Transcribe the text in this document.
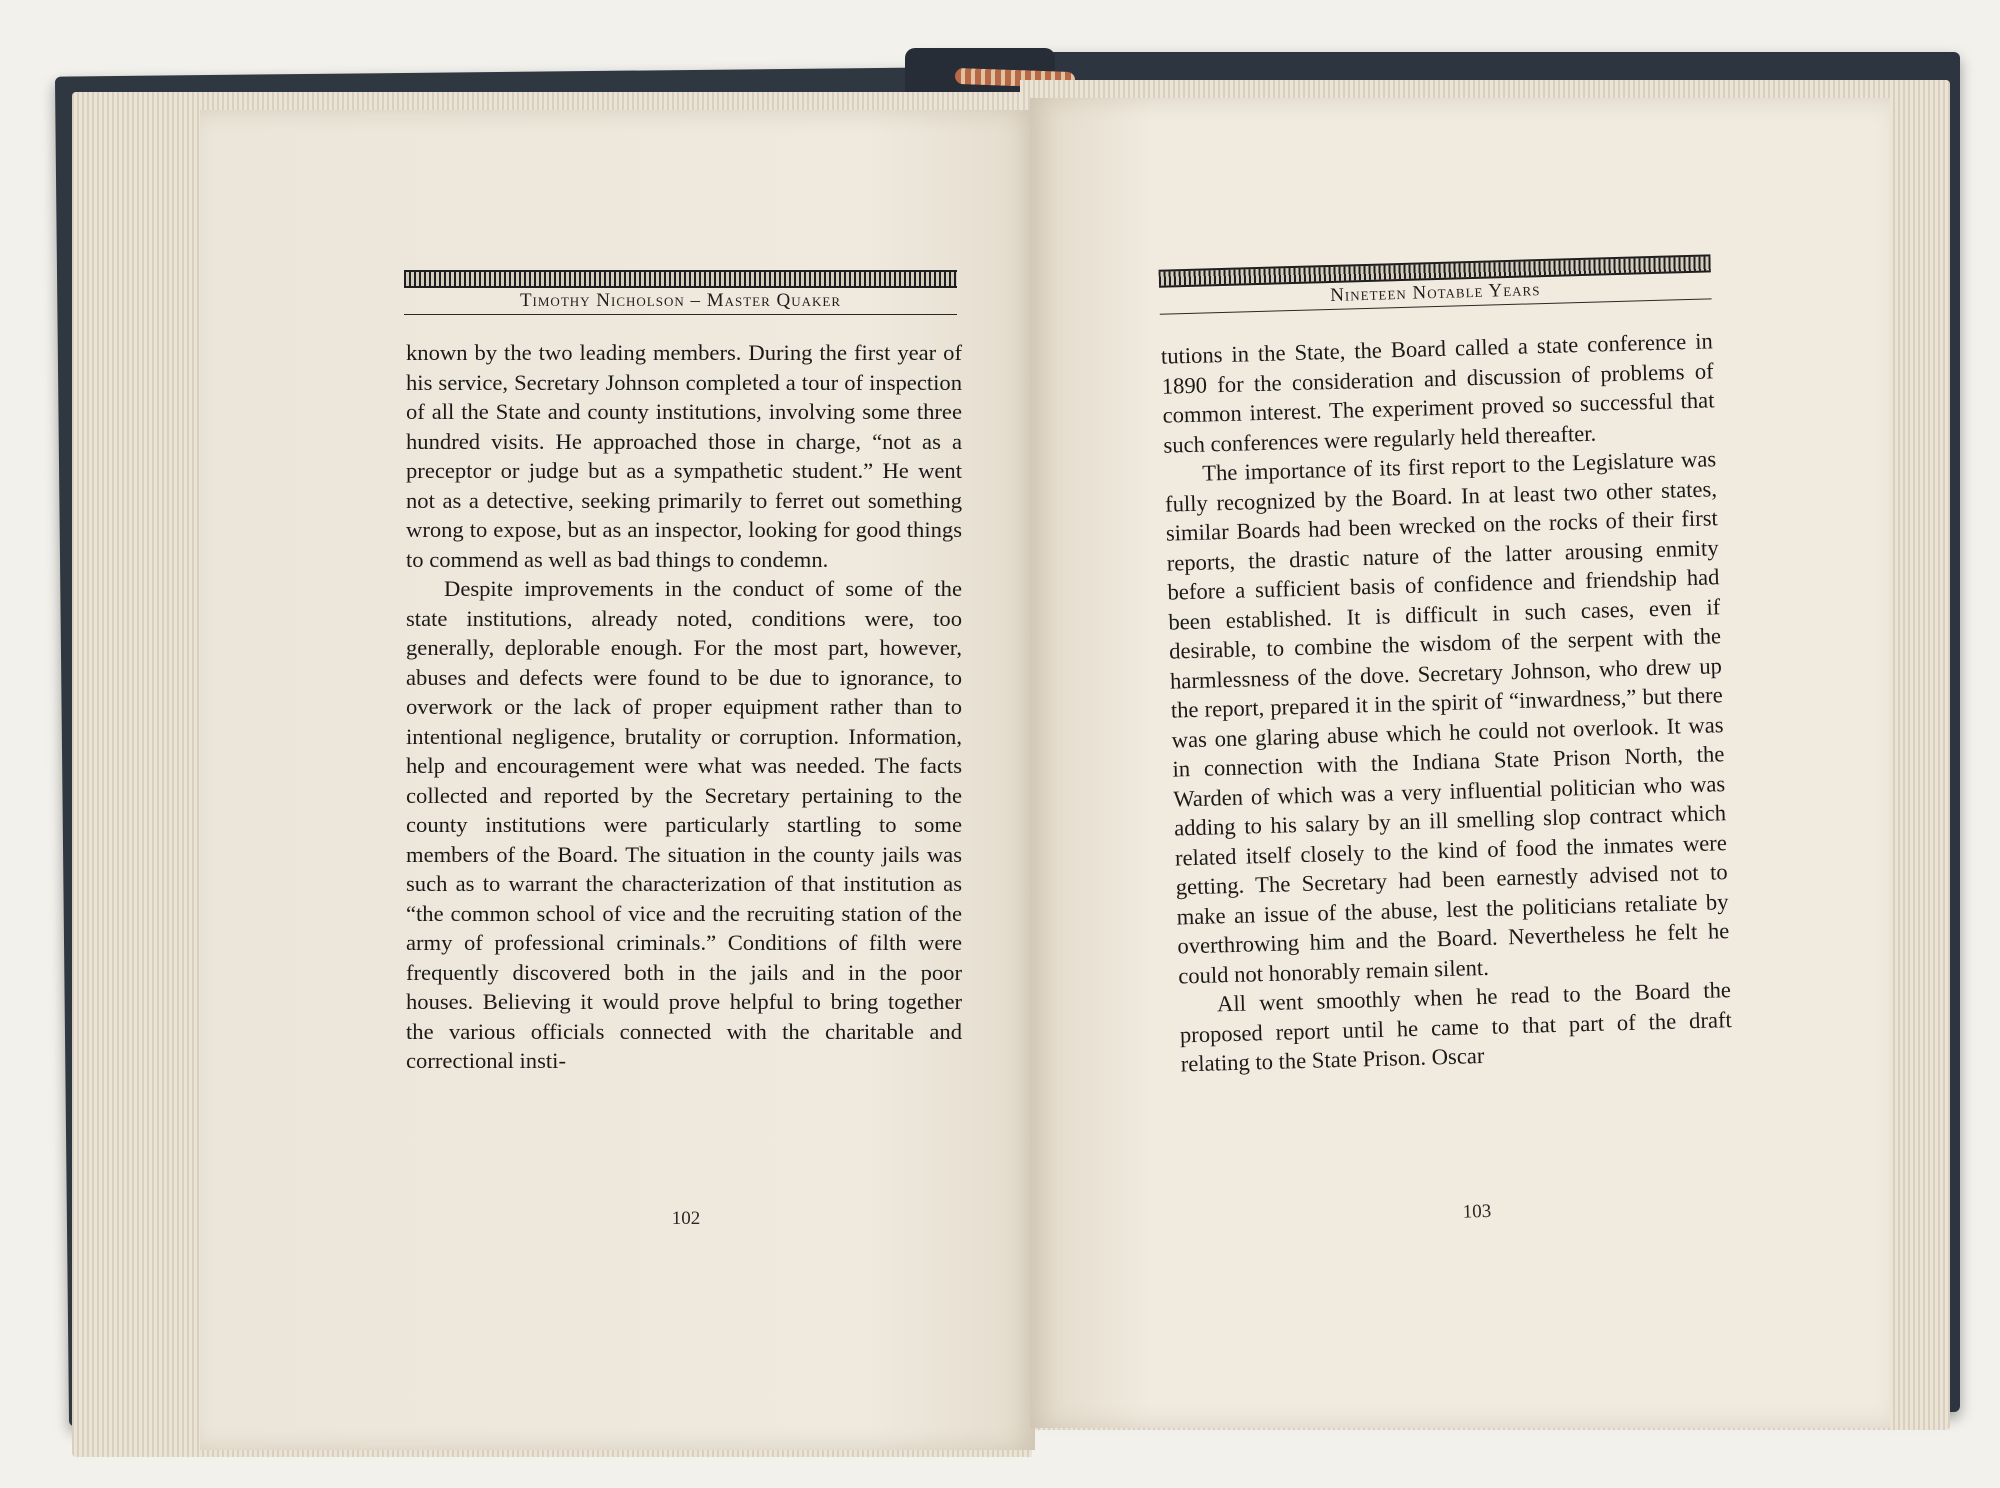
Timothy Nicholson – Master Quaker

known by the two leading members. During the first year of his service, Secretary Johnson completed a tour of inspection of all the State and county institutions, involving some three hundred visits. He approached those in charge, “not as a preceptor or judge but as a sympathetic student.” He went not as a detective, seeking primarily to ferret out something wrong to expose, but as an inspector, looking for good things to commend as well as bad things to condemn.

Despite improvements in the conduct of some of the state institutions, already noted, conditions were, too generally, deplorable enough. For the most part, however, abuses and defects were found to be due to ignorance, to overwork or the lack of proper equipment rather than to intentional negligence, brutality or corruption. Information, help and encouragement were what was needed. The facts collected and reported by the Secretary pertaining to the county institutions were particularly startling to some members of the Board. The situation in the county jails was such as to warrant the characterization of that institution as “the common school of vice and the recruiting station of the army of professional criminals.” Conditions of filth were frequently discovered both in the jails and in the poor houses. Believing it would prove helpful to bring together the various officials connected with the charitable and correctional insti-

102
Nineteen Notable Years

tutions in the State, the Board called a state conference in 1890 for the consideration and discussion of problems of common interest. The experiment proved so successful that such conferences were regularly held thereafter.

The importance of its first report to the Legislature was fully recognized by the Board. In at least two other states, similar Boards had been wrecked on the rocks of their first reports, the drastic nature of the latter arousing enmity before a sufficient basis of confidence and friendship had been established. It is difficult in such cases, even if desirable, to combine the wisdom of the serpent with the harmlessness of the dove. Secretary Johnson, who drew up the report, prepared it in the spirit of “inwardness,” but there was one glaring abuse which he could not overlook. It was in connection with the Indiana State Prison North, the Warden of which was a very influential politician who was adding to his salary by an ill smelling slop contract which related itself closely to the kind of food the inmates were getting. The Secretary had been earnestly advised not to make an issue of the abuse, lest the politicians retaliate by overthrowing him and the Board. Nevertheless he felt he could not honorably remain silent.

All went smoothly when he read to the Board the proposed report until he came to that part of the draft relating to the State Prison. Oscar

103
